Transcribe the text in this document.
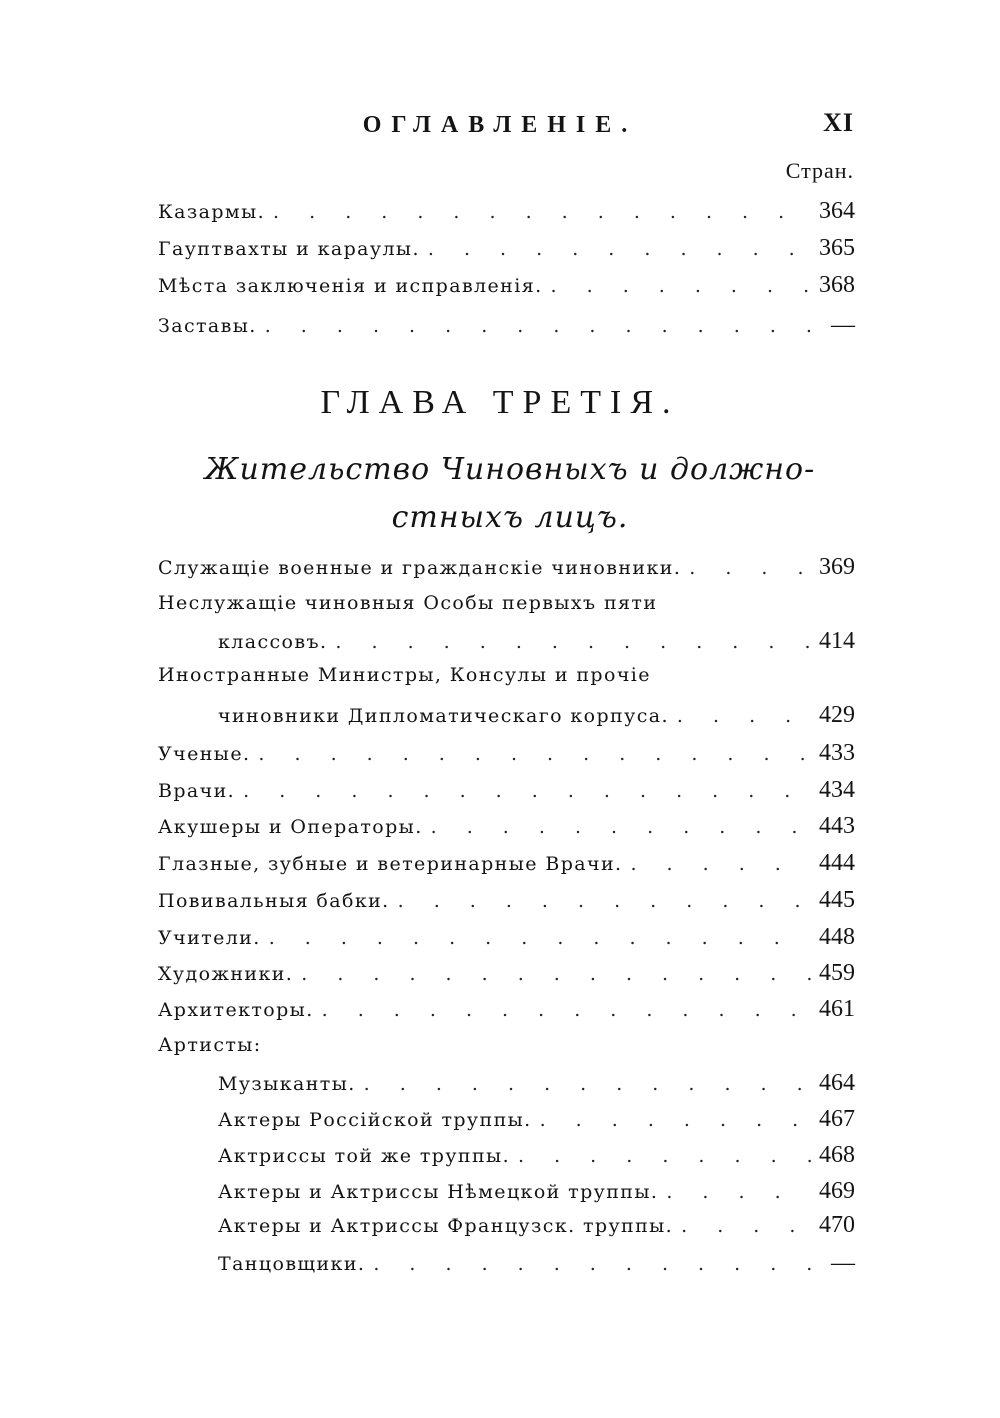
ОГЛАВЛЕНІЕ.	XI
Стран.
Казармы. . . .	364
Гауптвахты и караулы. . . .	365
Мѣста заключенія и исправленія. . . .	368
Заставы. . . .	—
ГЛАВА ТРЕТІЯ.
Жительство Чиновныхъ и должно-
стныхъ лицъ.
Служащіе военные и гражданскіе чиновники. . . .	369
Неслужащіе чиновныя Особы первыхъ пяти
классовъ. . . .	414
Иностранные Министры, Консулы и прочіе
чиновники Дипломатическаго корпуса. . . .	429
Ученые. . . .	433
Врачи. . . .	434
Акушеры и Операторы. . . .	443
Глазные, зубные и ветеринарные Врачи. . . .	444
Повивальныя бабки. . . .	445
Учители. . . .	448
Художники. . . .	459
Архитекторы. . . .	461
Артисты:
Музыканты. . . .	464
Актеры Россійской труппы. . . .	467
Актриссы той же труппы. . . .	468
Актеры и Актриссы Нѣмецкой труппы. . . .	469
Актеры и Актриссы Французск. труппы. . . .	470
Танцовщики. . . .	—
